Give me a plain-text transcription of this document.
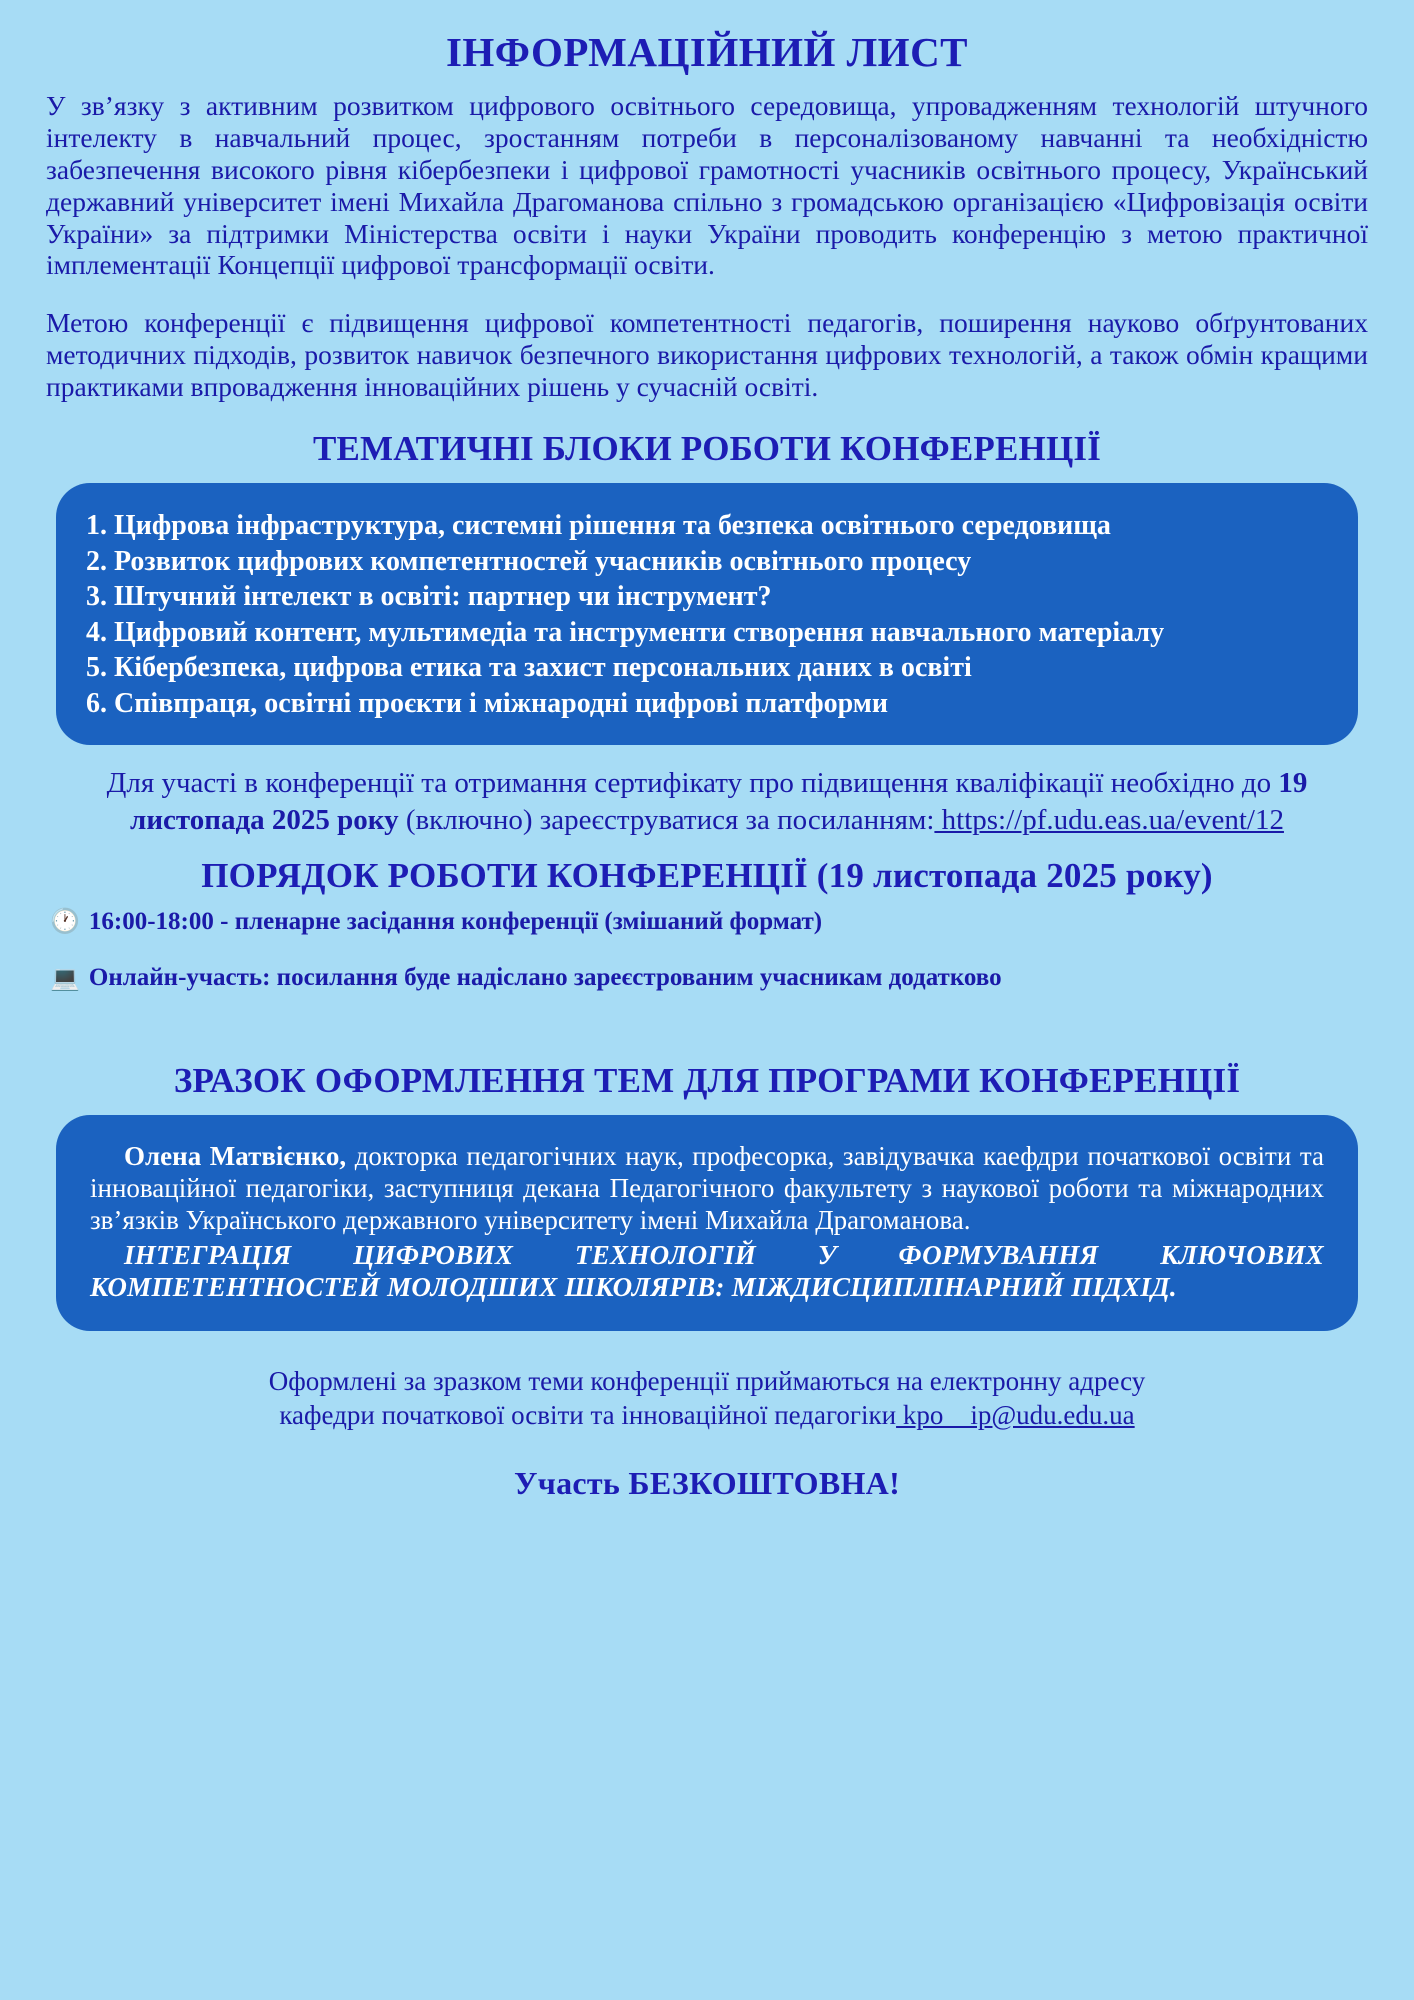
ІНФОРМАЦІЙНИЙ ЛИСТ

У зв’язку з активним розвитком цифрового освітнього середовища, упровадженням технологій штучного інтелекту в навчальний процес, зростанням потреби в персоналізованому навчанні та необхідністю забезпечення високого рівня кібербезпеки і цифрової грамотності учасників освітнього процесу, Український державний університет імені Михайла Драгоманова спільно з громадською організацією «Цифровізація освіти України» за підтримки Міністерства освіти і науки України проводить конференцію з метою практичної імплементації Концепції цифрової трансформації освіти.

Метою конференції є підвищення цифрової компетентності педагогів, поширення науково обґрунтованих методичних підходів, розвиток навичок безпечного використання цифрових технологій, а також обмін кращими практиками впровадження інноваційних рішень у сучасній освіті.

ТЕМАТИЧНІ БЛОКИ РОБОТИ КОНФЕРЕНЦІЇ

1. Цифрова інфраструктура, системні рішення та безпека освітнього середовища

2. Розвиток цифрових компетентностей учасників освітнього процесу

3. Штучний інтелект в освіті: партнер чи інструмент?

4. Цифровий контент, мультимедіа та інструменти створення навчального матеріалу

5. Кібербезпека, цифрова етика та захист персональних даних в освіті

6. Співпраця, освітні проєкти і міжнародні цифрові платформи

Для участі в конференції та отримання сертифікату про підвищення кваліфікації необхідно до 19 листопада 2025 року (включно) зареєструватися за посиланням: https://pf.udu.eas.ua/event/12
ПОРЯДОК РОБОТИ КОНФЕРЕНЦІЇ (19 листопада 2025 року)
🕐 16:00-18:00 - пленарне засідання конференції (змішаний формат)
💻 Онлайн-участь: посилання буде надіслано зареєстрованим учасникам додатково
ЗРАЗОК ОФОРМЛЕННЯ ТЕМ ДЛЯ ПРОГРАМИ КОНФЕРЕНЦІЇ

Олена Матвієнко, докторка педагогічних наук, професорка, завідувачка каефдри початкової освіти та інноваційної педагогіки, заступниця декана Педагогічного факультету з наукової роботи та міжнародних зв’язків Українського державного університету імені Михайла Драгоманова.

ІНТЕГРАЦІЯ ЦИФРОВИХ ТЕХНОЛОГІЙ У ФОРМУВАННЯ КЛЮЧОВИХ КОМПЕТЕНТНОСТЕЙ МОЛОДШИХ ШКОЛЯРІВ: МІЖДИСЦИПЛІНАРНИЙ ПІДХІД.

Оформлені за зразком теми конференції приймаються на електронну адресу
кафедри початкової освіти та інноваційної педагогіки kpo__ip@udu.edu.ua
Участь БЕЗКОШТОВНА!
